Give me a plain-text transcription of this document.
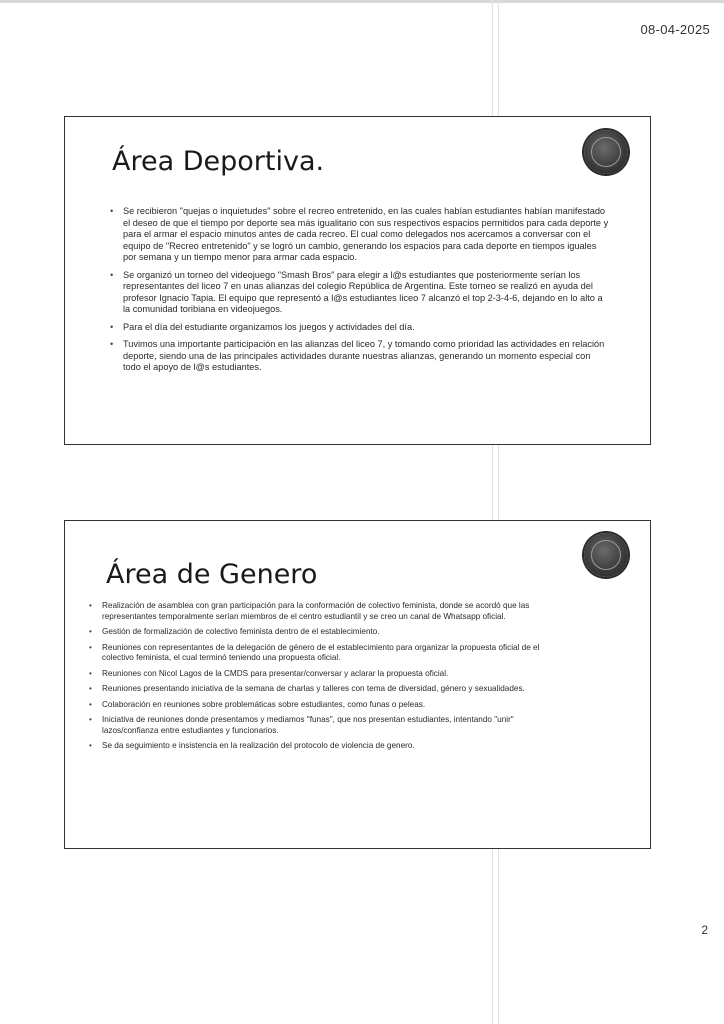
08-04-2025
Área Deportiva.
• Se recibieron "quejas o inquietudes" sobre el recreo entretenido, en las cuales habían estudiantes habían manifestado el deseo de que el tiempo por deporte sea más igualitario con sus respectivos espacios permitidos para cada deporte y para el armar el espacio minutos antes de cada recreo. El cual como delegados nos acercamos a conversar con el equipo de "Recreo entretenido" y se logró un cambio, generando los espacios para cada deporte en tiempos iguales por semana y un tiempo menor para armar cada espacio.
• Se organizó un torneo del videojuego "Smash Bros" para elegir a l@s estudiantes que posteriormente serían los representantes del liceo 7 en unas alianzas del colegio República de Argentina. Este torneo se realizó en ayuda del profesor Ignacio Tapia. El equipo que representó a l@s estudiantes liceo 7 alcanzó el top 2-3-4-6, dejando en lo alto a la comunidad toribiana en videojuegos.
• Para el día del estudiante organizamos los juegos y actividades del día.
• Tuvimos una importante participación en las alianzas del liceo 7, y tomando como prioridad las actividades en relación deporte, siendo una de las principales actividades durante nuestras alianzas, generando un momento especial con todo el apoyo de l@s estudiantes.
Área de Genero
• Realización de asamblea con gran participación para la conformación de colectivo feminista, donde se acordó que las representantes temporalmente serían miembros de el centro estudiantil y se creo un canal de Whatsapp oficial.
• Gestión de formalización de colectivo feminista dentro de el establecimiento.
• Reuniones con representantes de la delegación de género de el establecimiento para organizar la propuesta oficial de el colectivo feminista, el cual terminó teniendo una propuesta oficial.
• Reuniones con Nicol Lagos de la CMDS para presentar/conversar y aclarar la propuesta oficial.
• Reuniones presentando iniciativa de la semana de charlas y talleres con tema de diversidad, género y sexualidades.
• Colaboración en reuniones sobre problemáticas sobre estudiantes, como funas o peleas.
• Iniciativa de reuniones donde presentamos y mediamos "funas", que nos presentan estudiantes, intentando "unir" lazos/confianza entre estudiantes y funcionarios.
• Se da seguimiento e insistencia en la realización del protocolo de violencia de genero.
2
